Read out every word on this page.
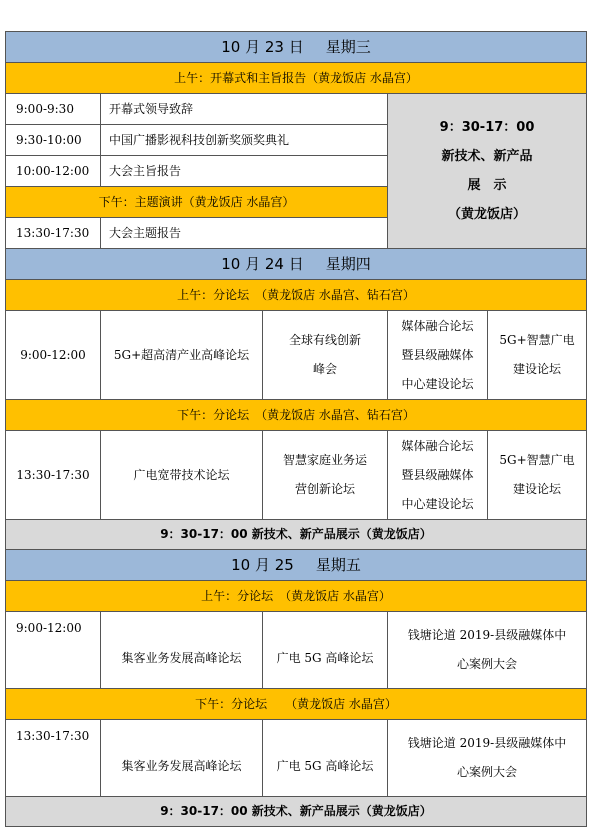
10 月 23 日 星期三				
上午：开幕式和主旨报告（黄龙饭店 水晶宫）				
9:00-9:30	开幕式领导致辞		9：30-17：00
新技术、新产品
展　示
（黄龙饭店）	

9:30-10:00	中国广播影视科技创新奖颁奖典礼			
10:00-12:00	大会主旨报告			
下午：主题演讲（黄龙饭店 水晶宫）				
13:30-17:30	大会主题报告			
10 月 24 日 星期四				
上午：分论坛　（黄龙饭店 水晶宫、钻石宫）				
9:00-12:00	5G+超高清产业高峰论坛	全球有线创新
峰会	媒体融合论坛
暨县级融媒体
中心建设论坛	5G+智慧广电
建设论坛

下午：分论坛　（黄龙饭店 水晶宫、钻石宫）				
13:30-17:30	广电宽带技术论坛	智慧家庭业务运
营创新论坛	媒体融合论坛
暨县级融媒体
中心建设论坛	5G+智慧广电
建设论坛

9：30-17：00 新技术、新产品展示（黄龙饭店）				
10 月 25 星期五				
上午：分论坛　（黄龙饭店 水晶宫）				
9:00-12:00	集客业务发展高峰论坛	广电 5G 高峰论坛	钱塘论道 2019-县级融媒体中
心案例大会	

下午：分论坛　　（黄龙饭店 水晶宫）				
13:30-17:30	集客业务发展高峰论坛	广电 5G 高峰论坛	钱塘论道 2019-县级融媒体中
心案例大会	

9：30-17：00 新技术、新产品展示（黄龙饭店）				
